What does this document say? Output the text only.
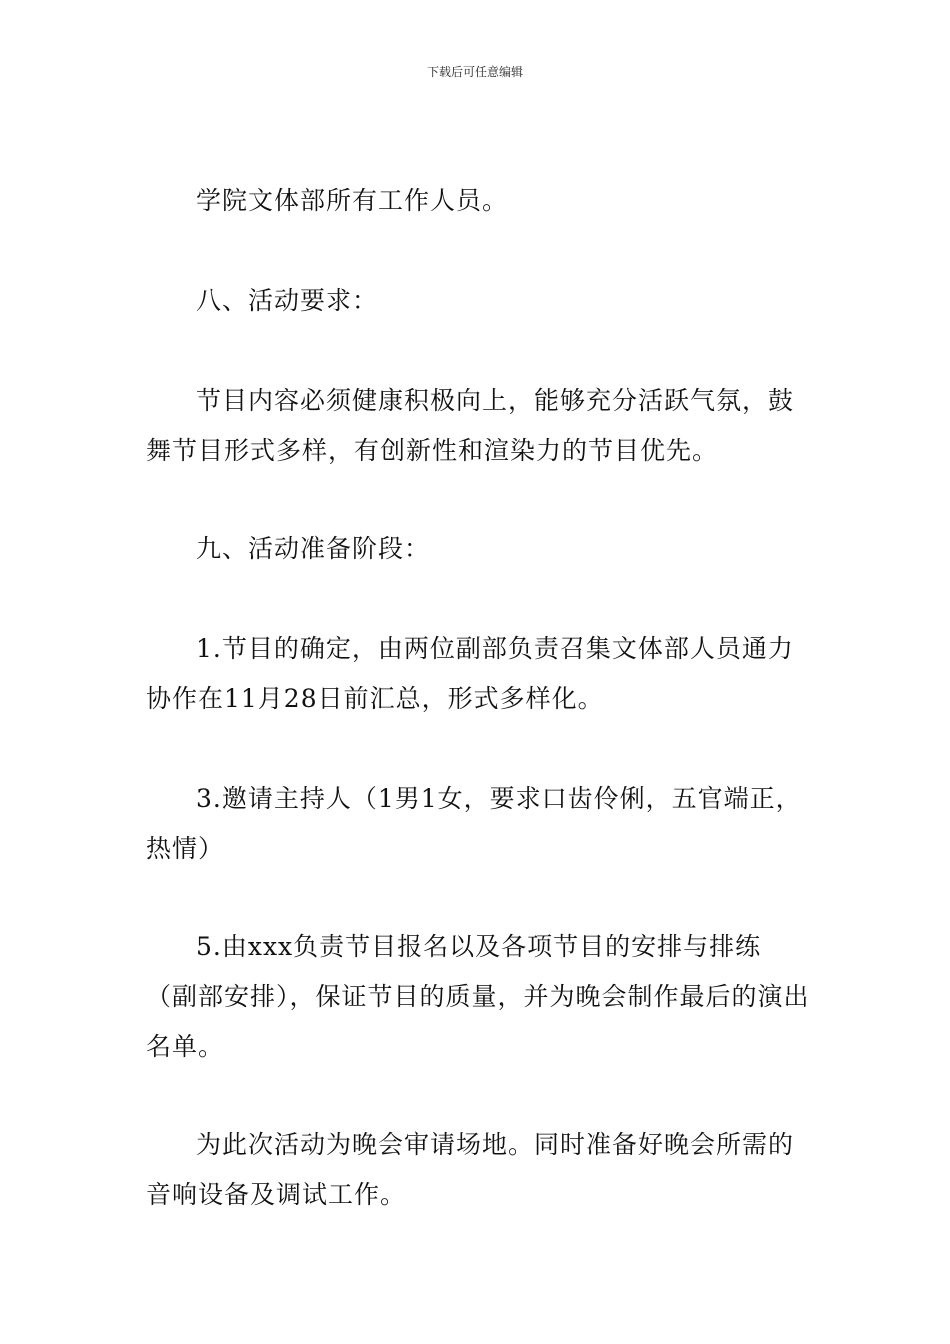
下载后可任意编辑

学院文体部所有工作人员。

八、活动要求：

节目内容必须健康积极向上，能够充分活跃气氛，鼓舞节目形式多样，有创新性和渲染力的节目优先。

九、活动准备阶段：

1.节目的确定，由两位副部负责召集文体部人员通力协作在11月28日前汇总，形式多样化。

3.邀请主持人（1男1女，要求口齿伶俐，五官端正，热情）

5.由xxx负责节目报名以及各项节目的安排与排练（副部安排），保证节目的质量，并为晚会制作最后的演出名单。

为此次活动为晚会审请场地。同时准备好晚会所需的音响设备及调试工作。
